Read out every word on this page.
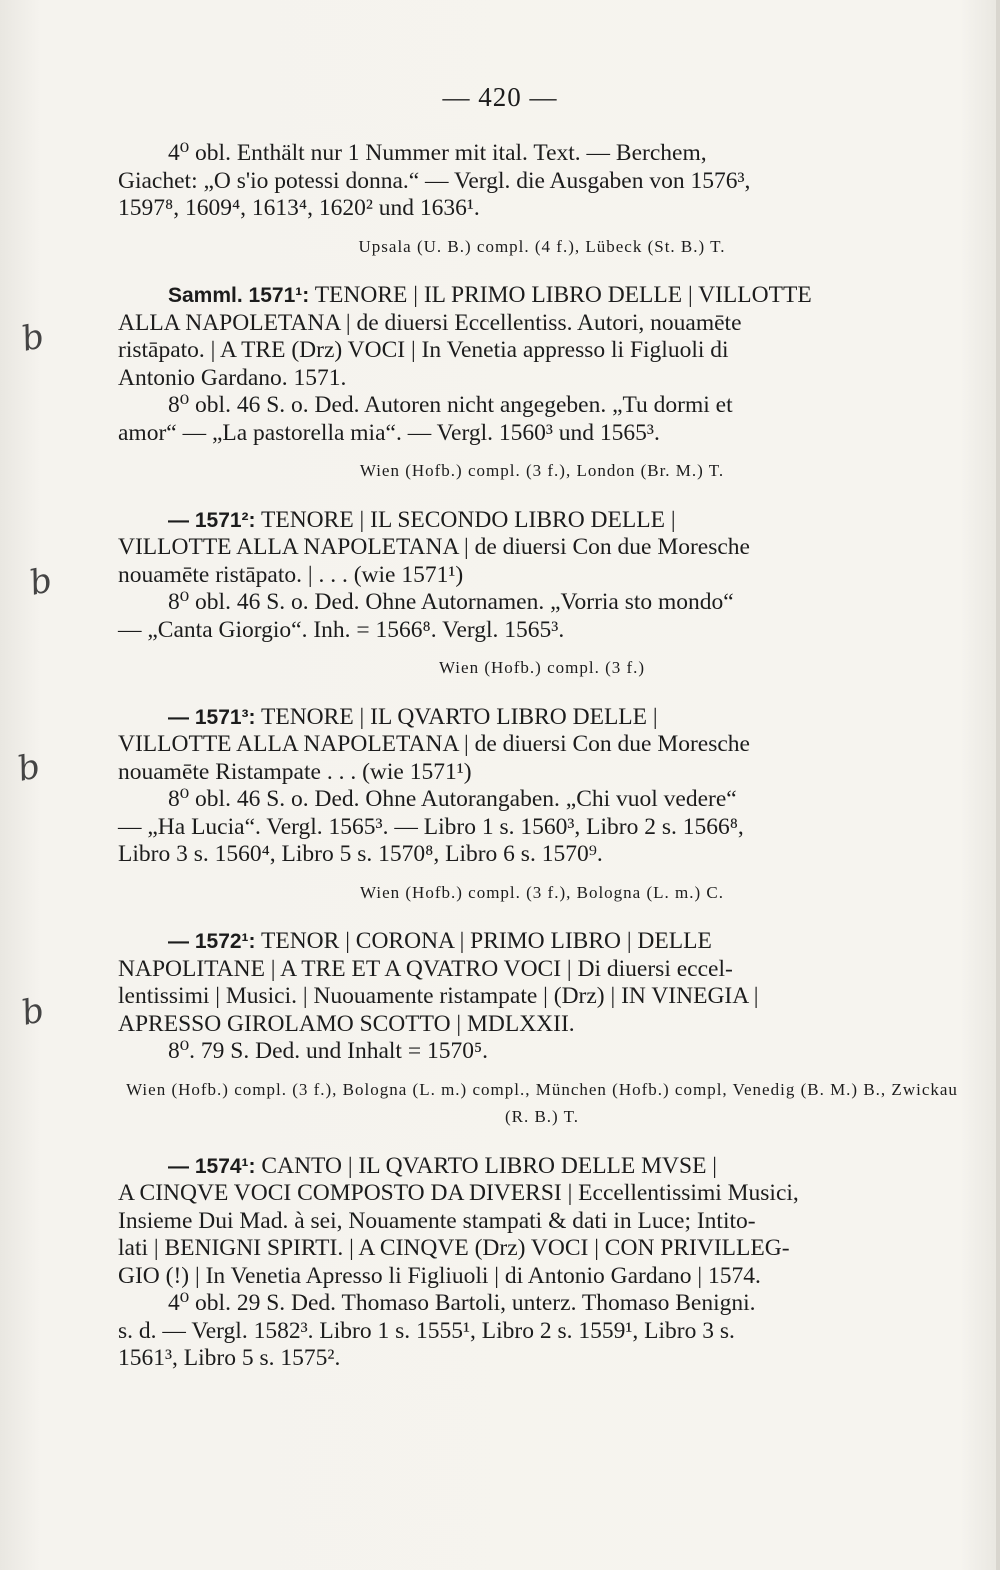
— 420 —
b
b
b
b

4⁰ obl. Enthält nur 1 Nummer mit ital. Text. — Berchem,
Giachet: „O s'io potessi donna.“ — Vergl. die Ausgaben von 1576³,
1597⁸, 1609⁴, 1613⁴, 1620² und 1636¹.

Upsala (U. B.) compl. (4 f.), Lübeck (St. B.) T.

Samml. 1571¹: TENORE | IL PRIMO LIBRO DELLE | VILLOTTE
ALLA NAPOLETANA | de diuersi Eccellentiss. Autori, nouamēte
ristāpato. | A TRE (Drz) VOCI | In Venetia appresso li Figluoli di
Antonio Gardano. 1571.
8⁰ obl. 46 S. o. Ded. Autoren nicht angegeben. „Tu dormi et
amor“ — „La pastorella mia“. — Vergl. 1560³ und 1565³.

Wien (Hofb.) compl. (3 f.), London (Br. M.) T.

— 1571²: TENORE | IL SECONDO LIBRO DELLE |
VILLOTTE ALLA NAPOLETANA | de diuersi Con due Moresche
nouamēte ristāpato. | . . . (wie 1571¹)
8⁰ obl. 46 S. o. Ded. Ohne Autornamen. „Vorria sto mondo“
— „Canta Giorgio“. Inh. = 1566⁸. Vergl. 1565³.

Wien (Hofb.) compl. (3 f.)

— 1571³: TENORE | IL QVARTO LIBRO DELLE |
VILLOTTE ALLA NAPOLETANA | de diuersi Con due Moresche
nouamēte Ristampate . . . (wie 1571¹)
8⁰ obl. 46 S. o. Ded. Ohne Autorangaben. „Chi vuol vedere“
— „Ha Lucia“. Vergl. 1565³. — Libro 1 s. 1560³, Libro 2 s. 1566⁸,
Libro 3 s. 1560⁴, Libro 5 s. 1570⁸, Libro 6 s. 1570⁹.

Wien (Hofb.) compl. (3 f.), Bologna (L. m.) C.

— 1572¹: TENOR | CORONA | PRIMO LIBRO | DELLE
NAPOLITANE | A TRE ET A QVATRO VOCI | Di diuersi eccel-
lentissimi | Musici. | Nuouamente ristampate | (Drz) | IN VINEGIA |
APRESSO GIROLAMO SCOTTO | MDLXXII.
8⁰. 79 S. Ded. und Inhalt = 1570⁵.

Wien (Hofb.) compl. (3 f.), Bologna (L. m.) compl., München (Hofb.) compl, Venedig (B. M.) B., Zwickau (R. B.) T.

— 1574¹: CANTO | IL QVARTO LIBRO DELLE MVSE |
A CINQVE VOCI COMPOSTO DA DIVERSI | Eccellentissimi Musici,
Insieme Dui Mad. à sei, Nouamente stampati & dati in Luce; Intito-
lati | BENIGNI SPIRTI. | A CINQVE (Drz) VOCI | CON PRIVILLEG-
GIO (!) | In Venetia Apresso li Figliuoli | di Antonio Gardano | 1574.
4⁰ obl. 29 S. Ded. Thomaso Bartoli, unterz. Thomaso Benigni.
s. d. — Vergl. 1582³. Libro 1 s. 1555¹, Libro 2 s. 1559¹, Libro 3 s.
1561³, Libro 5 s. 1575².
